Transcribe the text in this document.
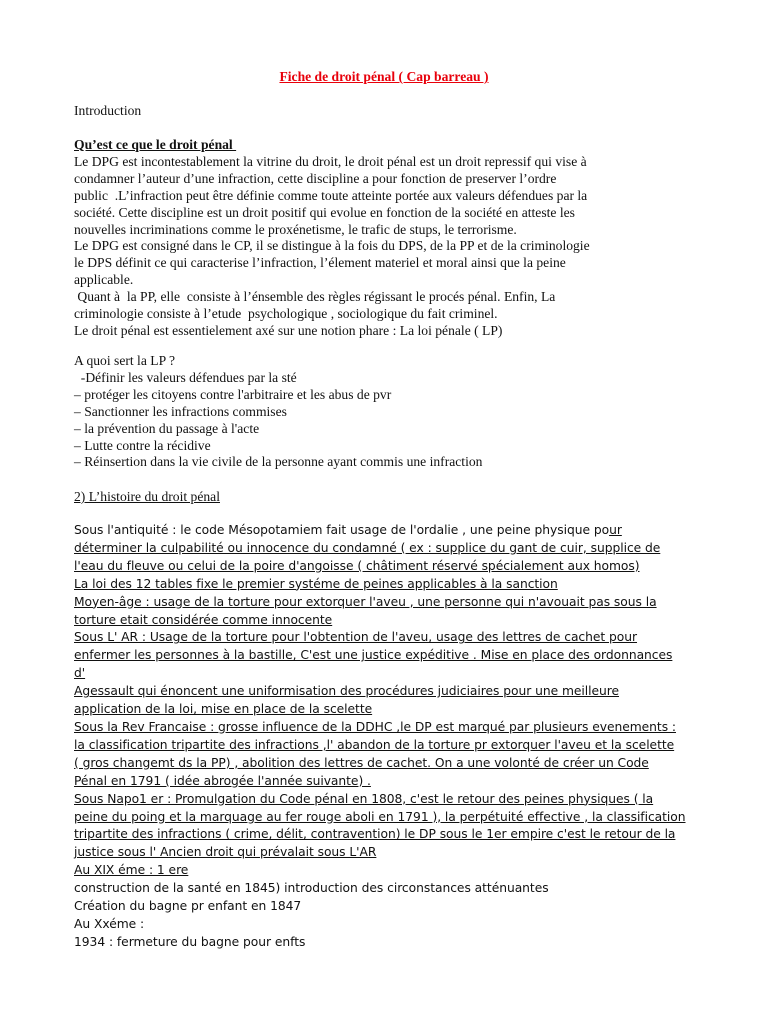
Fiche de droit pénal ( Cap barreau )
Introduction
Qu’est ce que le droit pénal
Le DPG est incontestablement la vitrine du droit, le droit pénal est un droit repressif qui vise à
condamner l’auteur d’une infraction, cette discipline a pour fonction de preserver l’ordre
public  .L’infraction peut être définie comme toute atteinte portée aux valeurs défendues par la
société. Cette discipline est un droit positif qui evolue en fonction de la société en atteste les
nouvelles incriminations comme le proxénetisme, le trafic de stups, le terrorisme.
Le DPG est consigné dans le CP, il se distingue à la fois du DPS, de la PP et de la criminologie
le DPS définit ce qui caracterise l’infraction, l’élement materiel et moral ainsi que la peine
applicable.
Quant à  la PP, elle  consiste à l’énsemble des règles régissant le procés pénal. Enfin, La
criminologie consiste à l’etude  psychologique , sociologique du fait criminel.
Le droit pénal est essentielement axé sur une notion phare : La loi pénale ( LP)
A quoi sert la LP ?
-Définir les valeurs défendues par la sté
– protéger les citoyens contre l'arbitraire et les abus de pvr
– Sanctionner les infractions commises
– la prévention du passage à l'acte
– Lutte contre la récidive
– Réinsertion dans la vie civile de la personne ayant commis une infraction
2) L’histoire du droit pénal
Sous l'antiquité : le code Mésopotamiem fait usage de l'ordalie , une peine physique pour
déterminer la culpabilité ou innocence du condamné ( ex : supplice du gant de cuir, supplice de
l'eau du fleuve ou celui de la poire d'angoisse ( châtiment réservé spécialement aux homos)
La loi des 12 tables fixe le premier systéme de peines applicables à la sanction
Moyen-âge : usage de la torture pour extorquer l'aveu , une personne qui n'avouait pas sous la
torture etait considérée comme innocente
Sous L' AR : Usage de la torture pour l'obtention de l'aveu, usage des lettres de cachet pour
enfermer les personnes à la bastille, C'est une justice expéditive . Mise en place des ordonnances
d'
Agessault qui énoncent une uniformisation des procédures judiciaires pour une meilleure
application de la loi, mise en place de la scelette
Sous la Rev Francaise : grosse influence de la DDHC ,le DP est marqué par plusieurs evenements :
la classification tripartite des infractions ,l' abandon de la torture pr extorquer l'aveu et la scelette
( gros changemt ds la PP) , abolition des lettres de cachet. On a une volonté de créer un Code
Pénal en 1791 ( idée abrogée l'année suivante) .
Sous Napo1 er : Promulgation du Code pénal en 1808, c'est le retour des peines physiques ( la
peine du poing et la marquage au fer rouge aboli en 1791 ), la perpétuité effective , la classification
tripartite des infractions ( crime, délit, contravention) le DP sous le 1er empire c'est le retour de la
justice sous l' Ancien droit qui prévalait sous L'AR
Au XIX éme : 1 ere
construction de la santé en 1845) introduction des circonstances atténuantes
Création du bagne pr enfant en 1847
Au Xxéme :
1934 : fermeture du bagne pour enfts
